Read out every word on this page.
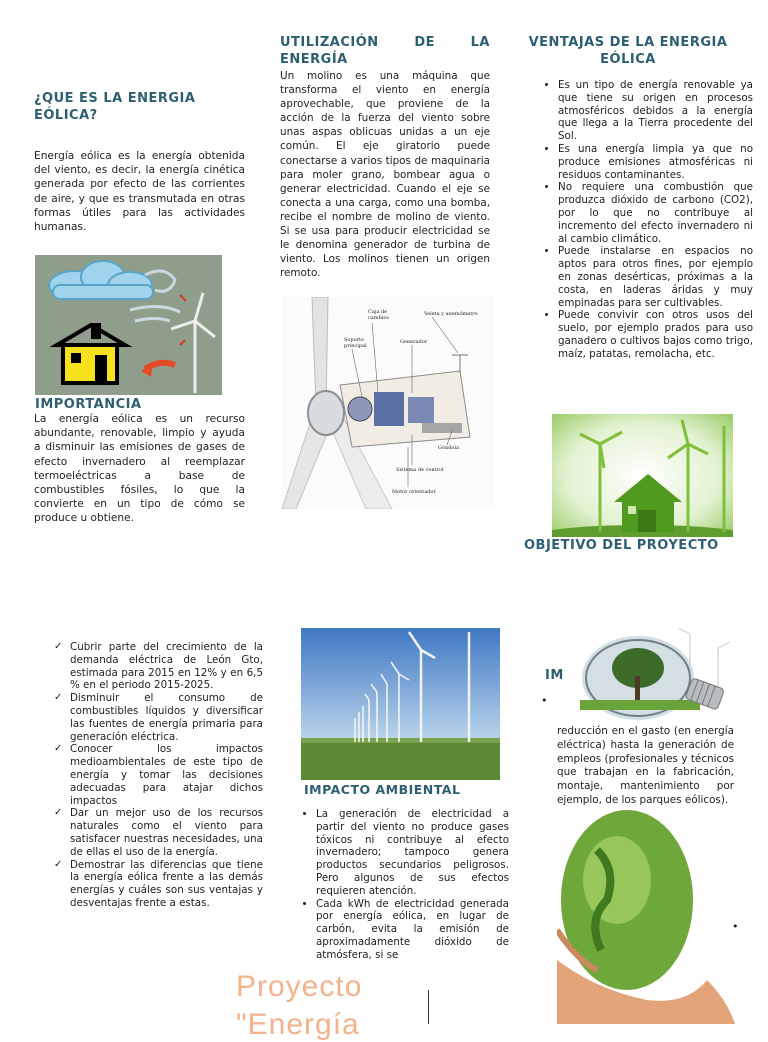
¿QUE ES LA ENERGIA EÓLICA?
Energía eólica es la energía obtenida del viento, es decir, la energía cinética generada por efecto de las corrientes de aire, y que es transmutada en otras formas útiles para las actividades humanas.
IMPORTANCIA
La energía eólica es un recurso abundante, renovable, limpio y ayuda a disminuir las emisiones de gases de efecto invernadero al reemplazar termoeléctricas a base de combustibles fósiles, lo que la convierte en un tipo de cómo se produce u obtiene.
UTILIZACIÓN DE LA ENERGÍA
Un molino es una máquina que transforma el viento en energía aprovechable, que proviene de la acción de la fuerza del viento sobre unas aspas oblicuas unidas a un eje común. El eje giratorio puede conectarse a varios tipos de maquinaria para moler grano, bombear agua o generar electricidad. Cuando el eje se conecta a una carga, como una bomba, recibe el nombre de molino de viento. Si se usa para producir electricidad se le denomina generador de turbina de viento. Los molinos tienen un origen remoto.
Caja de cambios
Veleta y anemómetro
Soporte principal
Generador
Góndola
Sistema de control
Motor orientador
VENTAJAS DE LA ENERGIA EÓLICA
• Es un tipo de energía renovable ya que tiene su origen en procesos atmosféricos debidos a la energía que llega a la Tierra procedente del Sol.
• Es una energía limpia ya que no produce emisiones atmosféricas ni residuos contaminantes.
• No requiere una combustión que produzca dióxido de carbono (CO2), por lo que no contribuye al incremento del efecto invernadero ni al cambio climático.
• Puede instalarse en espacios no aptos para otros fines, por ejemplo en zonas desérticas, próximas a la costa, en laderas áridas y muy empinadas para ser cultivables.
• Puede convivir con otros usos del suelo, por ejemplo prados para uso ganadero o cultivos bajos como trigo, maíz, patatas, remolacha, etc.
OBJETIVO DEL PROYECTO
✓ Cubrir parte del crecimiento de la demanda eléctrica de León Gto, estimada para 2015 en 12% y en 6,5 % en el periodo 2015-2025.
✓ Disminuir el consumo de combustibles líquidos y diversificar las fuentes de energía primaria para generación eléctrica.
✓ Conocer los impactos medioambientales de este tipo de energía y tomar las decisiones adecuadas para atajar dichos impactos
✓ Dar un mejor uso de los recursos naturales como el viento para satisfacer nuestras necesidades, una de ellas el uso de la energía.
✓ Demostrar las diferencias que tiene la energía eólica frente a las demás energías y cuáles son sus ventajas y desventajas frente a estas.
IMPACTO AMBIENTAL
• La generación de electricidad a partir del viento no produce gases tóxicos ni contribuye al efecto invernadero; tampoco genera productos secundarios peligrosos. Pero algunos de sus efectos requieren atención.
• Cada kWh de electricidad generada por energía eólica, en lugar de carbón, evita la emisión de aproximadamente dióxido de atmósfera, si se
Proyecto
"Energía
IM
•
reducción en el gasto (en energía eléctrica) hasta la generación de empleos (profesionales y técnicos que trabajan en la fabricación, montaje, mantenimiento por ejemplo, de los parques eólicos).
•
